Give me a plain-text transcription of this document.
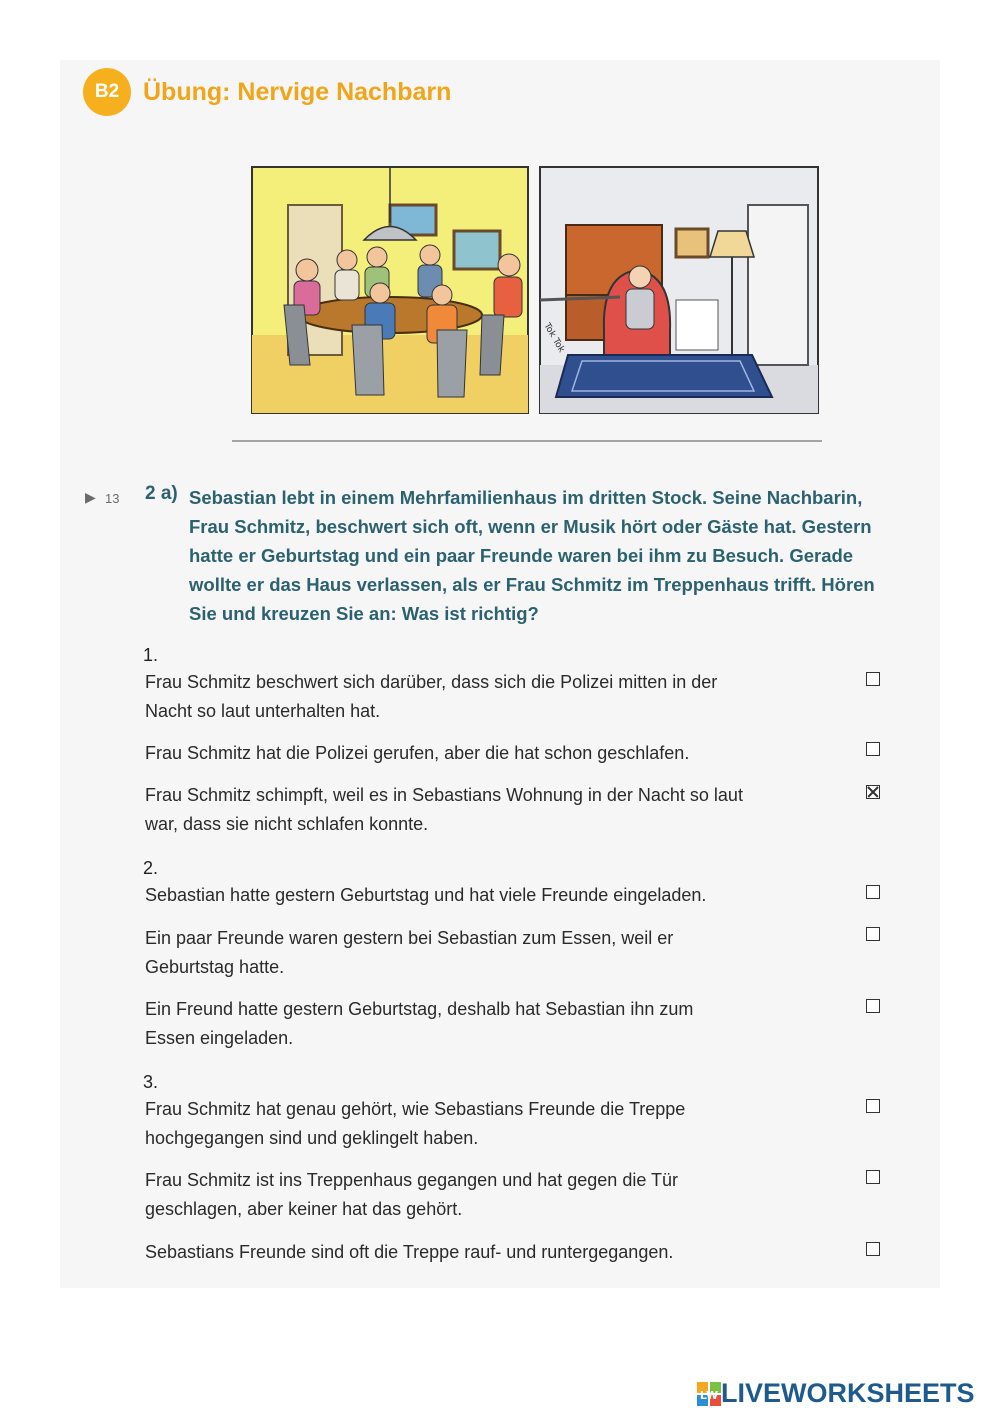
B2 Übung: Nervige Nachbarn
Tok Tok
▶ 13 2 a) Sebastian lebt in einem Mehrfamilienhaus im dritten Stock. Seine Nachbarin, Frau Schmitz, beschwert sich oft, wenn er Musik hört oder Gäste hat. Gestern hatte er Geburtstag und ein paar Freunde waren bei ihm zu Besuch. Gerade wollte er das Haus verlassen, als er Frau Schmitz im Treppenhaus trifft. Hören Sie und kreuzen Sie an: Was ist richtig?
1.
Frau Schmitz beschwert sich darüber, dass sich die Polizei mitten in der Nacht so laut unterhalten hat.
Frau Schmitz hat die Polizei gerufen, aber die hat schon geschlafen.
Frau Schmitz schimpft, weil es in Sebastians Wohnung in der Nacht so laut war, dass sie nicht schlafen konnte.
2.
Sebastian hatte gestern Geburtstag und hat viele Freunde eingeladen.
Ein paar Freunde waren gestern bei Sebastian zum Essen, weil er Geburtstag hatte.
Ein Freund hatte gestern Geburtstag, deshalb hat Sebastian ihn zum Essen eingeladen.
3.
Frau Schmitz hat genau gehört, wie Sebastians Freunde die Treppe hochgegangen sind und geklingelt haben.
Frau Schmitz ist ins Treppenhaus gegangen und hat gegen die Tür geschlagen, aber keiner hat das gehört.
Sebastians Freunde sind oft die Treppe rauf- und runtergegangen.
LW LIVEWORKSHEETS
